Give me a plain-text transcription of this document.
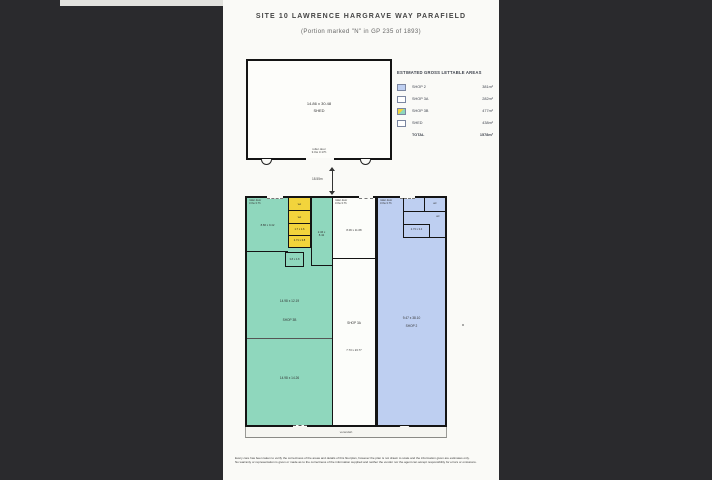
SITE 10 LAWRENCE HARGRAVE WAY PARAFIELD
(Portion marked "N" in GP 235 of 1893)
14.86 x 30.48
SHED
roller door
3.0w 3.17h
18.55m
roller door
3.0w 3.7h
roller door
3.0w 3.7h
roller door
3.0w 3.7h
8.86 x 9.42
wc
wc
1.7 x 1.6
2.71 x 3.8
2.46 x
8.42
3.8 x 4.8
14.98 x 12.19
SHOP 3B
14.98 x 14.26
8.06 x 11.68
SHOP 3A
7.73 x 23.77
wc
wc
2.73 x 3.4
9.47 x 38.10
SHOP 2
verandah
ESTIMATED GROSS LETTABLE AREAS
SHOP 2	381m²
SHOP 3A	282m²
SHOP 3B	477m²
SHED	438m²
TOTAL	1578m²
Every care has been taken to verify the correctness of the areas and details of this floorplan, however the plan is not drawn to scale and the information given are estimates only.
No warranty or representation is given or made as to the correctness of the information supplied and neither the vendor nor the agent can accept responsibility for errors or omissions.
